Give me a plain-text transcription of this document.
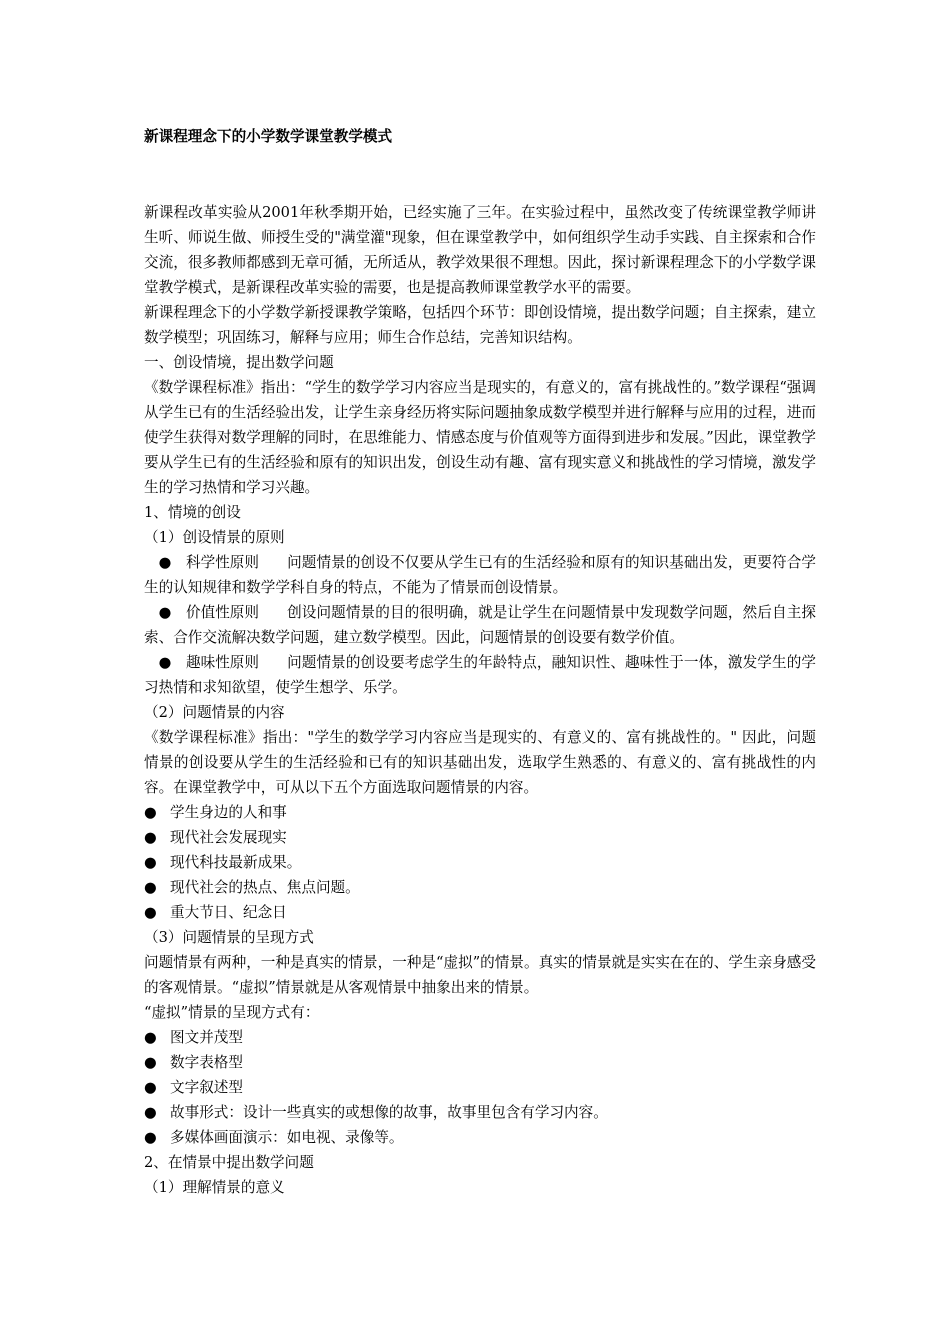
新课程理念下的小学数学课堂教学模式

新课程改革实验从2001年秋季期开始，已经实施了三年。在实验过程中，虽然改变了传统课堂教学师讲生听、师说生做、师授生受的"满堂灌"现象，但在课堂教学中，如何组织学生动手实践、自主探索和合作交流，很多教师都感到无章可循，无所适从，教学效果很不理想。因此，探讨新课程理念下的小学数学课堂教学模式，是新课程改革实验的需要，也是提高教师课堂教学水平的需要。

新课程理念下的小学数学新授课教学策略，包括四个环节：即创设情境，提出数学问题；自主探索，建立数学模型；巩固练习，解释与应用；师生合作总结，完善知识结构。

一、创设情境，提出数学问题

《数学课程标准》指出：“学生的数学学习内容应当是现实的，有意义的，富有挑战性的。”数学课程“强调从学生已有的生活经验出发，让学生亲身经历将实际问题抽象成数学模型并进行解释与应用的过程，进而使学生获得对数学理解的同时，在思维能力、情感态度与价值观等方面得到进步和发展。”因此，课堂教学要从学生已有的生活经验和原有的知识出发，创设生动有趣、富有现实意义和挑战性的学习情境，激发学生的学习热情和学习兴趣。

1、情境的创设

（1）创设情景的原则

● 科学性原则 问题情景的创设不仅要从学生已有的生活经验和原有的知识基础出发，更要符合学生的认知规律和数学学科自身的特点，不能为了情景而创设情景。

● 价值性原则 创设问题情景的目的很明确，就是让学生在问题情景中发现数学问题，然后自主探索、合作交流解决数学问题，建立数学模型。因此，问题情景的创设要有数学价值。

● 趣味性原则 问题情景的创设要考虑学生的年龄特点，融知识性、趣味性于一体，激发学生的学习热情和求知欲望，使学生想学、乐学。

（2）问题情景的内容

《数学课程标准》指出："学生的数学学习内容应当是现实的、有意义的、富有挑战性的。" 因此，问题情景的创设要从学生的生活经验和已有的知识基础出发，选取学生熟悉的、有意义的、富有挑战性的内容。在课堂教学中，可从以下五个方面选取问题情景的内容。

● 学生身边的人和事

● 现代社会发展现实

● 现代科技最新成果。

● 现代社会的热点、焦点问题。

● 重大节日、纪念日

（3）问题情景的呈现方式

问题情景有两种，一种是真实的情景，一种是“虚拟”的情景。真实的情景就是实实在在的、学生亲身感受的客观情景。“虚拟”情景就是从客观情景中抽象出来的情景。

“虚拟”情景的呈现方式有：

● 图文并茂型

● 数字表格型

● 文字叙述型

● 故事形式：设计一些真实的或想像的故事，故事里包含有学习内容。

● 多媒体画面演示：如电视、录像等。

2、在情景中提出数学问题

（1）理解情景的意义
